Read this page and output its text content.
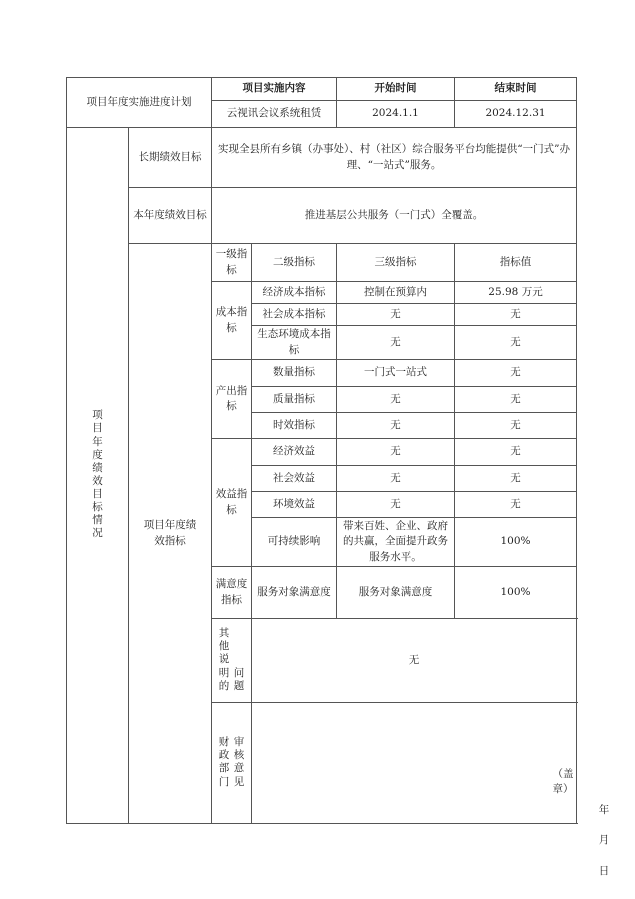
项目年度实施进度计划		项目实施内容		开始时间	结束时间
		云视讯会议系统租赁		2024.1.1	2024.12.31
项目年度绩效目标情况	长期绩效目标	实现全县所有乡镇（办事处）、村（社区）综合服务平台均能提供“一门式”办理、“一站式”服务。			
	本年度绩效目标	推进基层公共服务（一门式）全覆盖。			
	项目年度绩效指标	一级指标	二级指标	三级指标	指标值
		成本指标	经济成本指标	控制在预算内	25.98 万元
			社会成本指标	无	无
			生态环境成本指标	无	无
		产出指标	数量指标	一门式一站式	无
			质量指标	无	无
			时效指标	无	无
		效益指标	经济效益	无	无
			社会效益	无	无
			环境效益	无	无
			可持续影响	带来百姓、企业、政府的共赢，全面提升政务服务水平。	100%
		满意度指标	服务对象满意度	服务对象满意度	100%
		其他说明的 问题	无		
		财政部门 审核意见	（盖章）
年  月  日		
